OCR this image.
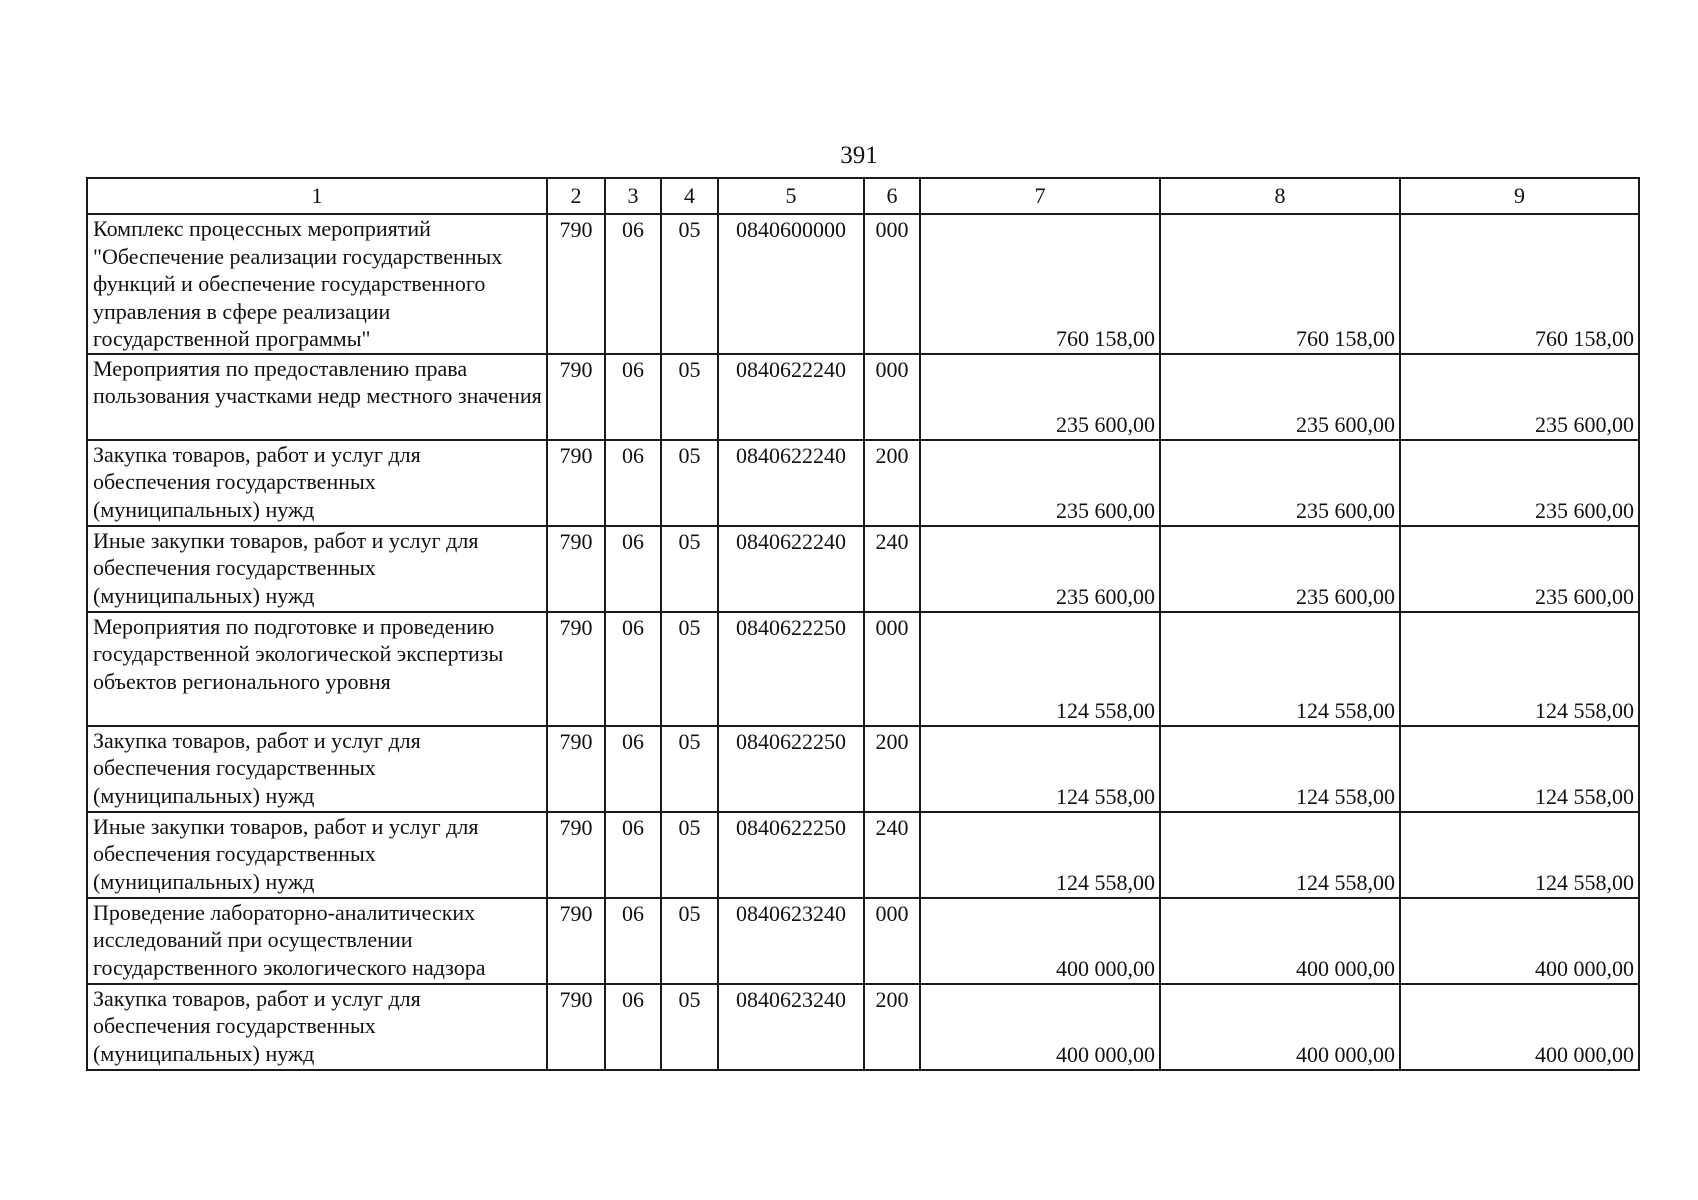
391
1	2	3	4	5	6	7	8	9
Комплекс процессных мероприятий "Обеспечение реализации государственных функций и обеспечение государственного управления в сфере реализации государственной программы"	790	06	05	0840600000	000	760 158,00	760 158,00	760 158,00
Мероприятия по предоставлению права пользования участками недр местного значения	790	06	05	0840622240	000	235 600,00	235 600,00	235 600,00
Закупка товаров, работ и услуг для обеспечения государственных (муниципальных) нужд	790	06	05	0840622240	200	235 600,00	235 600,00	235 600,00
Иные закупки товаров, работ и услуг для обеспечения государственных (муниципальных) нужд	790	06	05	0840622240	240	235 600,00	235 600,00	235 600,00
Мероприятия по подготовке и проведению государственной экологической экспертизы объектов регионального уровня	790	06	05	0840622250	000	124 558,00	124 558,00	124 558,00
Закупка товаров, работ и услуг для обеспечения государственных (муниципальных) нужд	790	06	05	0840622250	200	124 558,00	124 558,00	124 558,00
Иные закупки товаров, работ и услуг для обеспечения государственных (муниципальных) нужд	790	06	05	0840622250	240	124 558,00	124 558,00	124 558,00
Проведение лабораторно-аналитических исследований при осуществлении государственного экологического надзора	790	06	05	0840623240	000	400 000,00	400 000,00	400 000,00
Закупка товаров, работ и услуг для обеспечения государственных (муниципальных) нужд	790	06	05	0840623240	200	400 000,00	400 000,00	400 000,00
